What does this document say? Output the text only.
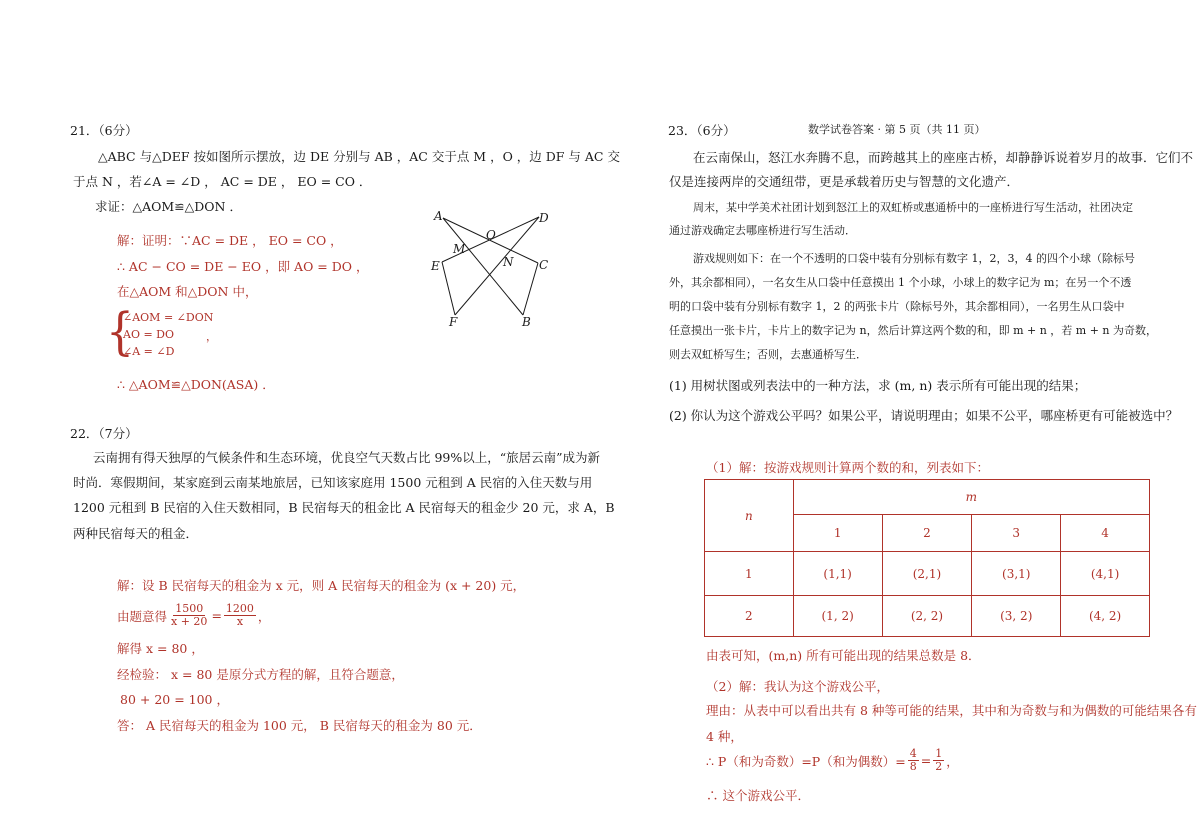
数学试卷答案 · 第 5 页（共 11 页）
21．（6分）
△ABC 与△DEF 按如图所示摆放，边 DE 分别与 AB ，AC 交于点 M ，O ，边 DF 与 AC 交
于点 N ，若∠A = ∠D ， AC = DE ， EO = CO ．
求证：△AOM≌△DON ．
解：证明：∵AC = DE ， EO = CO ，
∴ AC − CO = DE − EO ，即 AO = DO ，
在△AOM 和△DON 中，
{
∠AOM = ∠DON
AO = DO	，
∠A = ∠D
∴ △AOM≌△DON(ASA) ．
A	D
O
M
N
E	C
F	B
22．（7分）
云南拥有得天独厚的气候条件和生态环境，优良空气天数占比 99%以上，“旅居云南”成为新
时尚．寒假期间，某家庭到云南某地旅居，已知该家庭用 1500 元租到 A 民宿的入住天数与用
1200 元租到 B 民宿的入住天数相同，B 民宿每天的租金比 A 民宿每天的租金少 20 元，求 A，B
两种民宿每天的租金．
解：设 B 民宿每天的租金为 x 元，则 A 民宿每天的租金为 (x + 20) 元，
由题意得 $\frac{1500}{x + 20} = \frac{1200}{x}$ ，
解得 x = 80 ，
经检验： x = 80 是原分式方程的解，且符合题意，
80 + 20 = 100 ，
答： A 民宿每天的租金为 100 元， B 民宿每天的租金为 80 元．
23．（6分）
在云南保山，怒江水奔腾不息，而跨越其上的座座古桥，却静静诉说着岁月的故事．它们不
仅是连接两岸的交通纽带，更是承载着历史与智慧的文化遗产．
周末，某中学美术社团计划到怒江上的双虹桥或惠通桥中的一座桥进行写生活动，社团决定
通过游戏确定去哪座桥进行写生活动．
游戏规则如下：在一个不透明的口袋中装有分别标有数字 1，2，3，4 的四个小球（除标号
外，其余都相同），一名女生从口袋中任意摸出 1 个小球，小球上的数字记为 m；在另一个不透
明的口袋中装有分别标有数字 1，2 的两张卡片（除标号外，其余都相同），一名男生从口袋中
任意摸出一张卡片，卡片上的数字记为 n，然后计算这两个数的和，即 m + n ，若 m + n 为奇数，
则去双虹桥写生；否则，去惠通桥写生．
(1) 用树状图或列表法中的一种方法，求 (m, n) 表示所有可能出现的结果；
(2) 你认为这个游戏公平吗？如果公平，请说明理由；如果不公平，哪座桥更有可能被选中？
（1）解：按游戏规则计算两个数的和，列表如下：
n	m			
	1	2	3	4
1	(1,1)	(2,1)	(3,1)	(4,1)
2	(1, 2)	(2, 2)	(3, 2)	(4, 2)
由表可知，(m,n) 所有可能出现的结果总数是 8．
（2）解：我认为这个游戏公平，
理由：从表中可以看出共有 8 种等可能的结果，其中和为奇数与和为偶数的可能结果各有
4 种，
∴ P（和为奇数）=P（和为偶数）= $\frac{4}{8} = \frac{1}{2}$ ，
∴ 这个游戏公平．
